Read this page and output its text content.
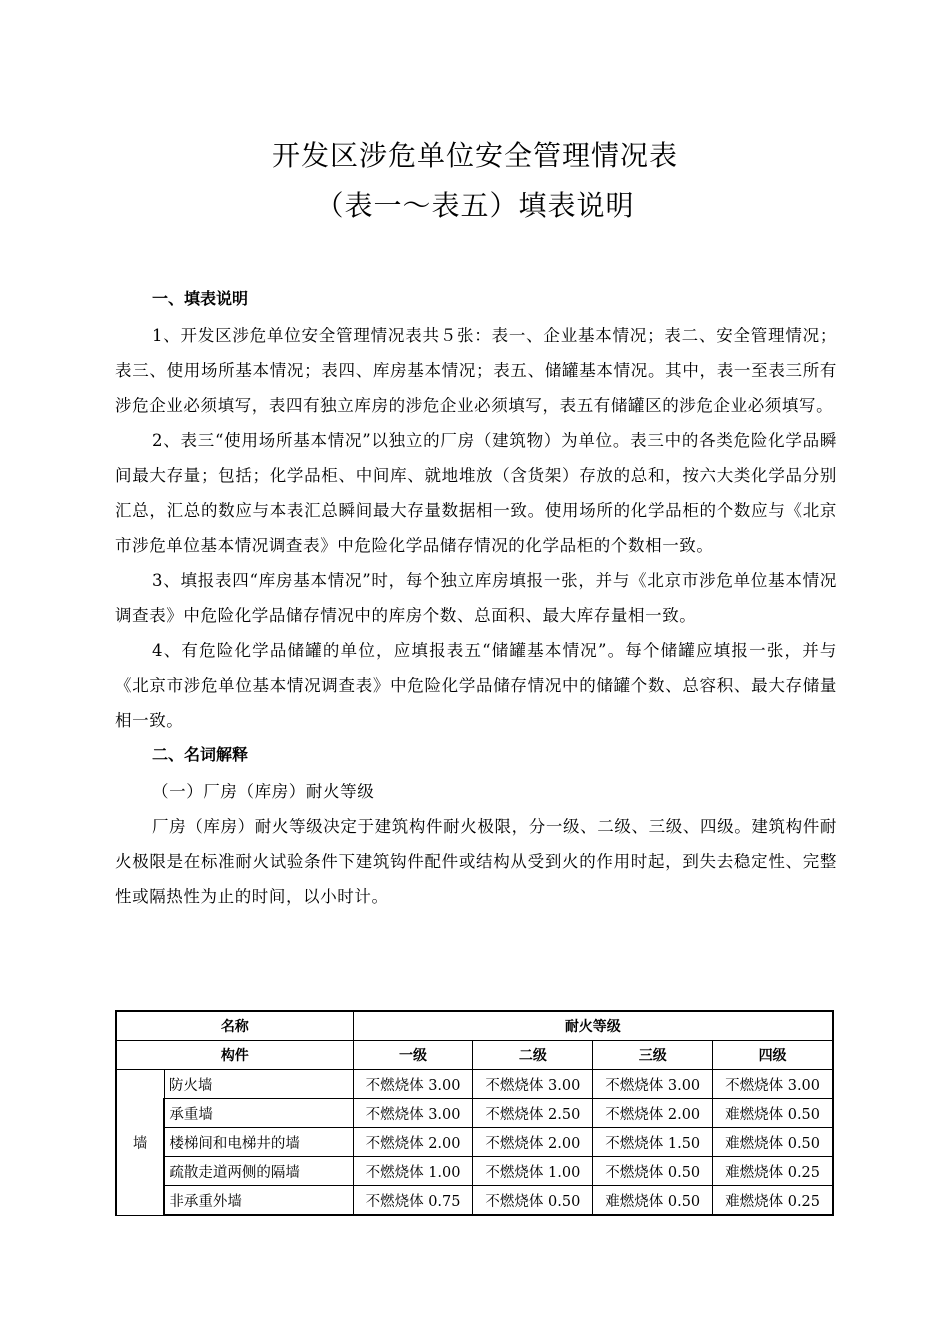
开发区涉危单位安全管理情况表
（表一～表五）填表说明
一、填表说明

1、开发区涉危单位安全管理情况表共５张：表一、企业基本情况；表二、安全管理情况；表三、使用场所基本情况；表四、库房基本情况；表五、储罐基本情况。其中，表一至表三所有涉危企业必须填写，表四有独立库房的涉危企业必须填写，表五有储罐区的涉危企业必须填写。

2、表三“使用场所基本情况”以独立的厂房（建筑物）为单位。表三中的各类危险化学品瞬间最大存量；包括；化学品柜、中间库、就地堆放（含货架）存放的总和，按六大类化学品分别汇总，汇总的数应与本表汇总瞬间最大存量数据相一致。使用场所的化学品柜的个数应与《北京市涉危单位基本情况调查表》中危险化学品储存情况的化学品柜的个数相一致。

3、填报表四“库房基本情况”时，每个独立库房填报一张，并与《北京市涉危单位基本情况调查表》中危险化学品储存情况中的库房个数、总面积、最大库存量相一致。

4、有危险化学品储罐的单位，应填报表五“储罐基本情况”。每个储罐应填报一张，并与《北京市涉危单位基本情况调查表》中危险化学品储存情况中的储罐个数、总容积、最大存储量相一致。

二、名词解释
（一）厂房（库房）耐火等级

厂房（库房）耐火等级决定于建筑构件耐火极限，分一级、二级、三级、四级。建筑构件耐火极限是在标准耐火试验条件下建筑钩件配件或结构从受到火的作用时起，到失去稳定性、完整性或隔热性为止的时间，以小时计。

名称		耐火等级			
构件		一级	二级	三级	四级
墙	防火墙	不燃烧体 3.00	不燃烧体 3.00	不燃烧体 3.00	不燃烧体 3.00
	承重墙	不燃烧体 3.00	不燃烧体 2.50	不燃烧体 2.00	难燃烧体 0.50
	楼梯间和电梯井的墙	不燃烧体 2.00	不燃烧体 2.00	不燃烧体 1.50	难燃烧体 0.50
	疏散走道两侧的隔墙	不燃烧体 1.00	不燃烧体 1.00	不燃烧体 0.50	难燃烧体 0.25
	非承重外墙	不燃烧体 0.75	不燃烧体 0.50	难燃烧体 0.50	难燃烧体 0.25
